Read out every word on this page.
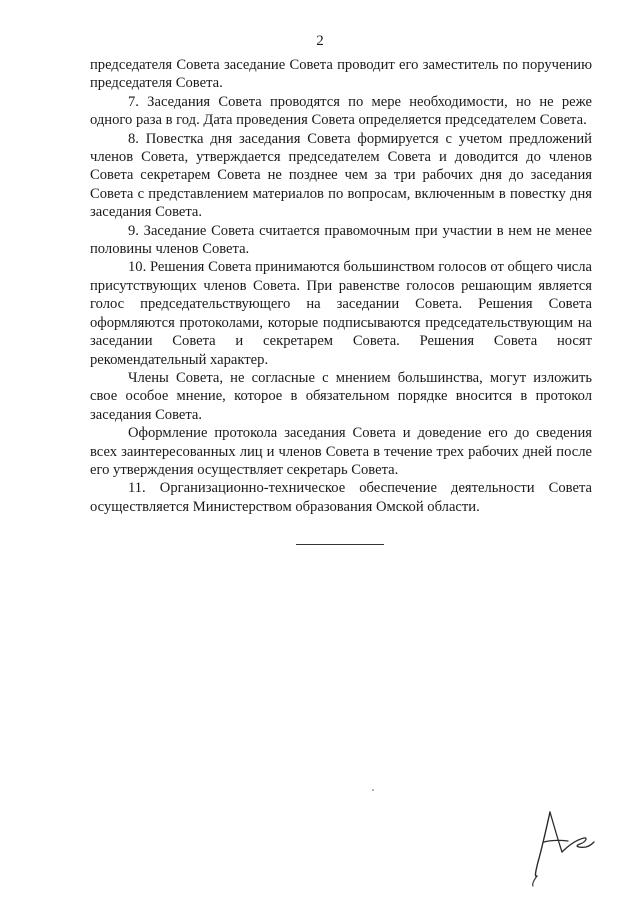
2

председателя Совета заседание Совета проводит его заместитель по поручению председателя Совета.

7. Заседания Совета проводятся по мере необходимости, но не реже одного раза в год. Дата проведения Совета определяется председателем Совета.

8. Повестка дня заседания Совета формируется с учетом предложений членов Совета, утверждается председателем Совета и доводится до членов Совета секретарем Совета не позднее чем за три рабочих дня до заседания Совета с представлением материалов по вопросам, включенным в повестку дня заседания Совета.

9. Заседание Совета считается правомочным при участии в нем не менее половины членов Совета.

10. Решения Совета принимаются большинством голосов от общего числа присутствующих членов Совета. При равенстве голосов решающим является голос председательствующего на заседании Совета. Решения Совета оформляются протоколами, которые подписываются председательствующим на заседании Совета и секретарем Совета. Решения Совета носят рекомендательный характер.

Члены Совета, не согласные с мнением большинства, могут изложить свое особое мнение, которое в обязательном порядке вносится в протокол заседания Совета.

Оформление протокола заседания Совета и доведение его до сведения всех заинтересованных лиц и членов Совета в течение трех рабочих дней после его утверждения осуществляет секретарь Совета.

11. Организационно-техническое обеспечение деятельности Совета осуществляется Министерством образования Омской области.
